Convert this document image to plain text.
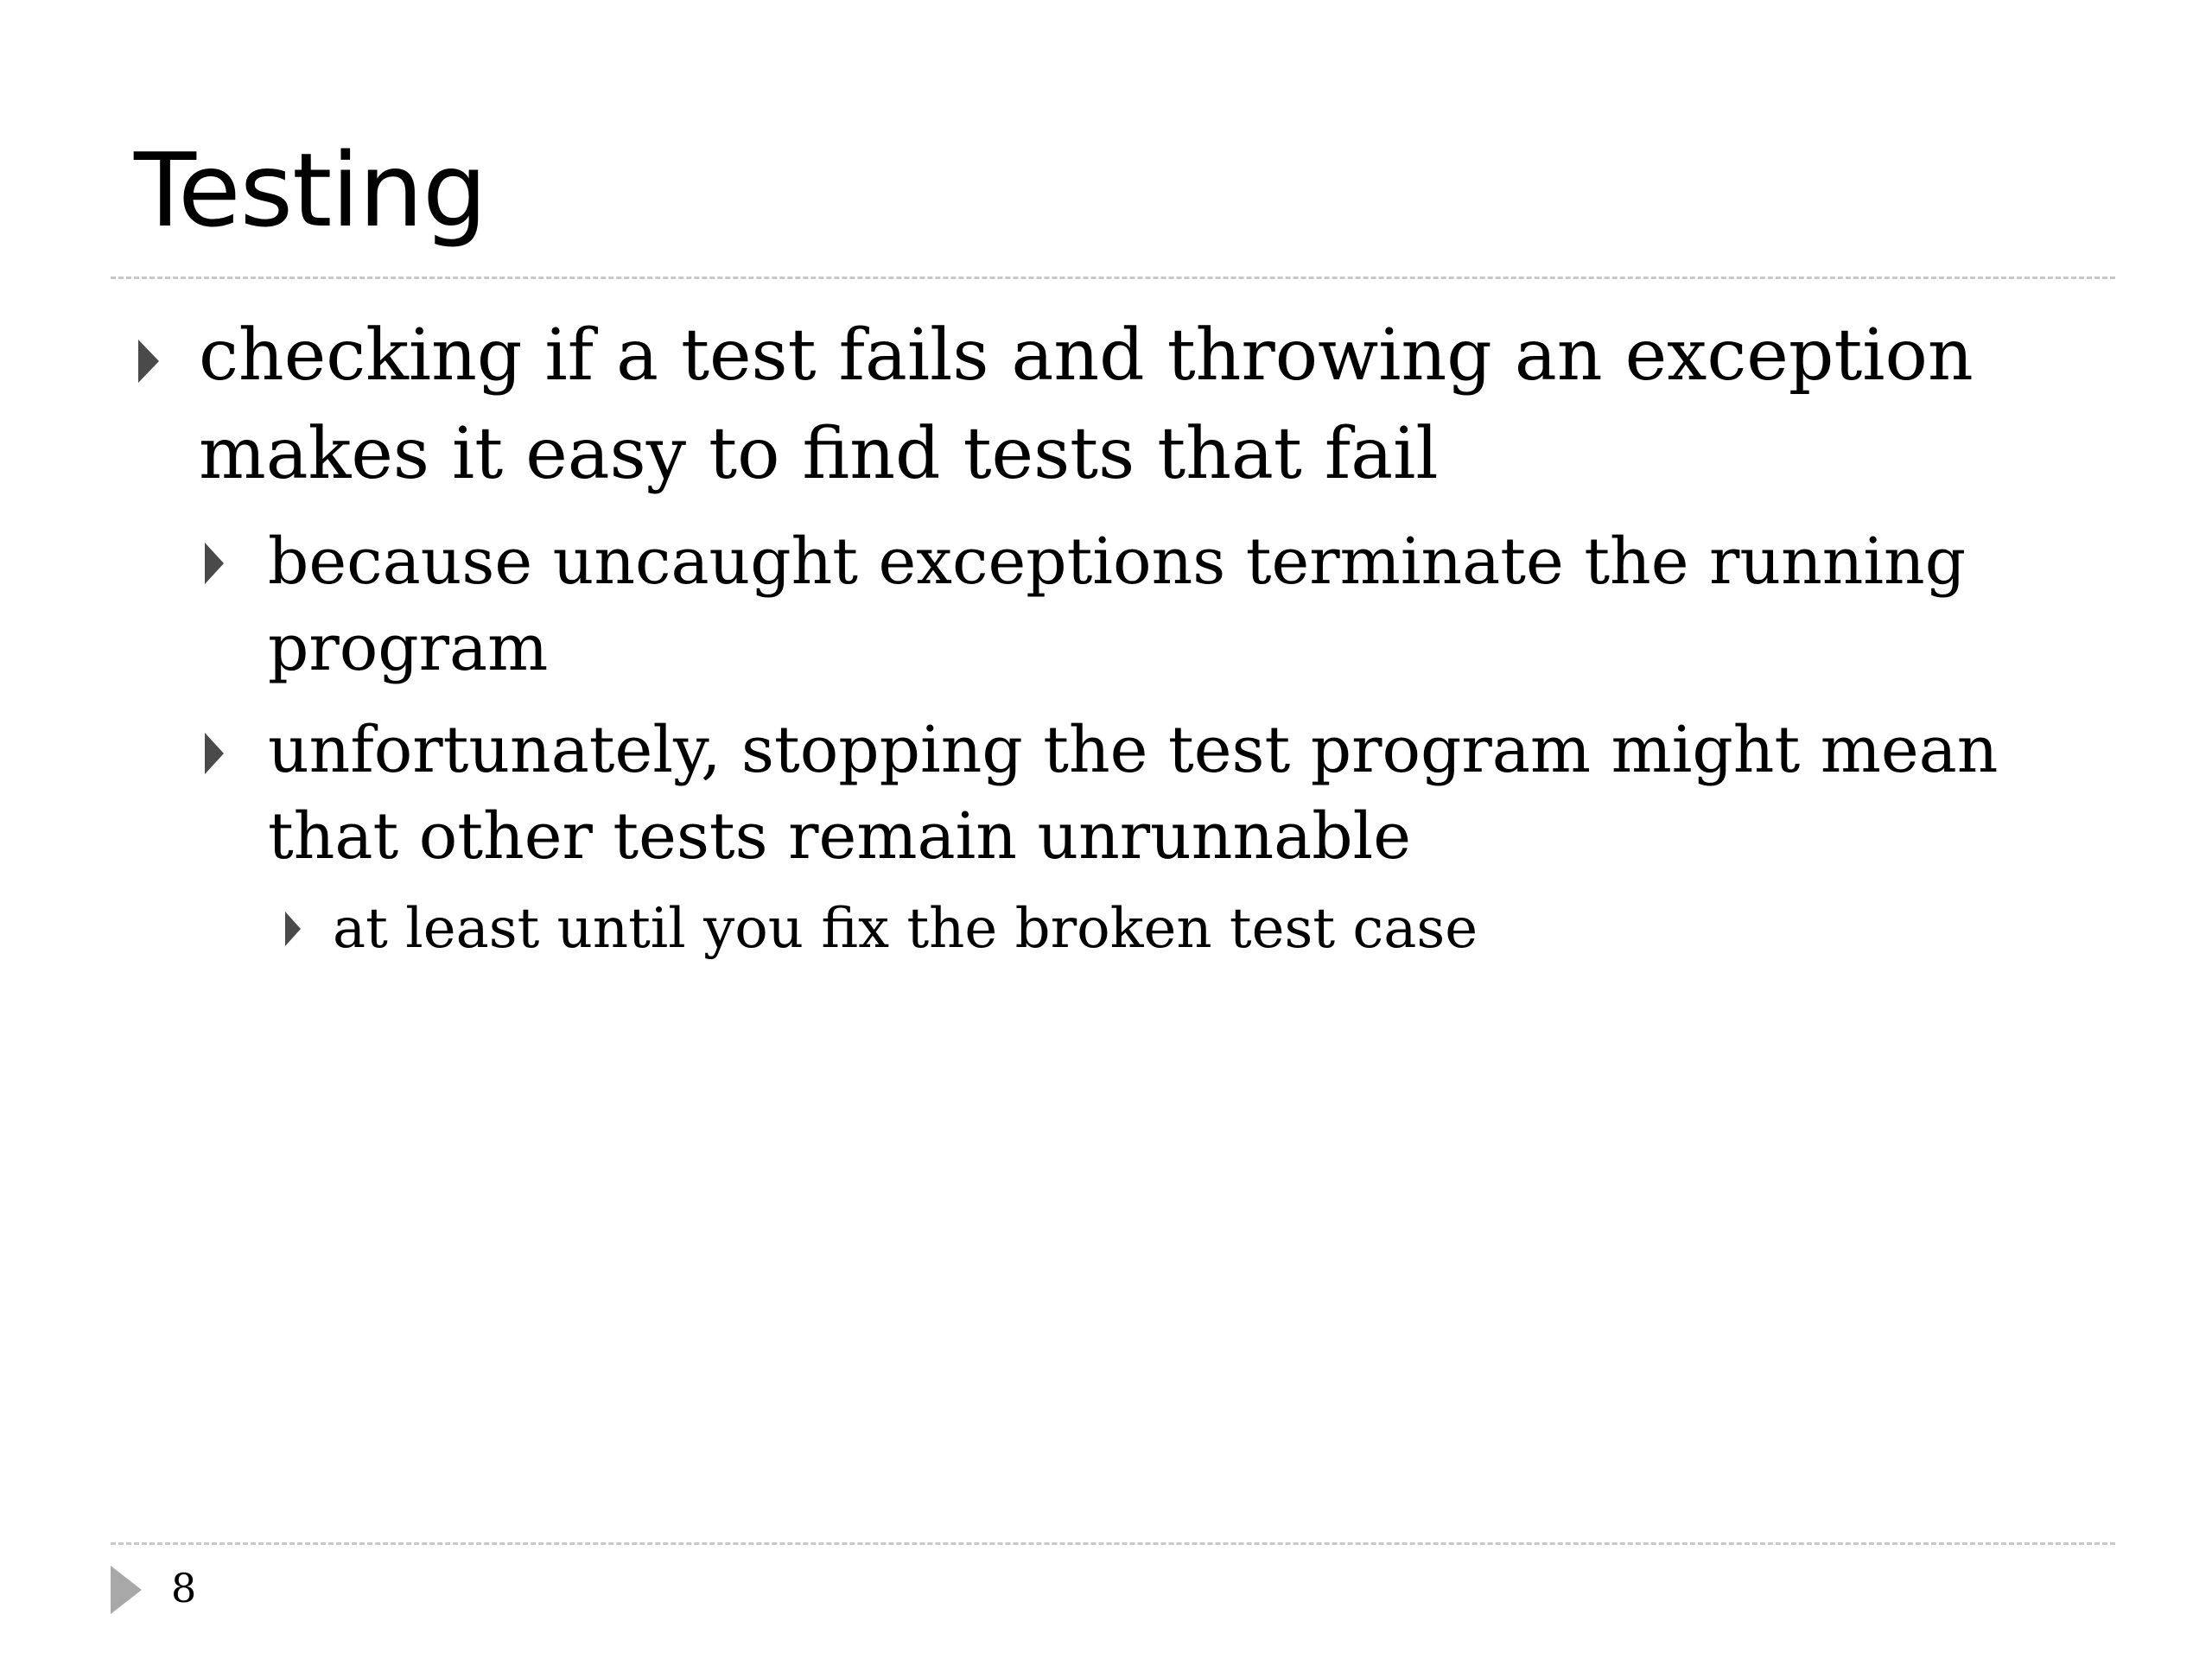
Testing
checking if a test fails and throwing an exception makes it easy to find tests that fail
because uncaught exceptions terminate the running program
unfortunately, stopping the test program might mean that other tests remain unrunnable
at least until you fix the broken test case
8
